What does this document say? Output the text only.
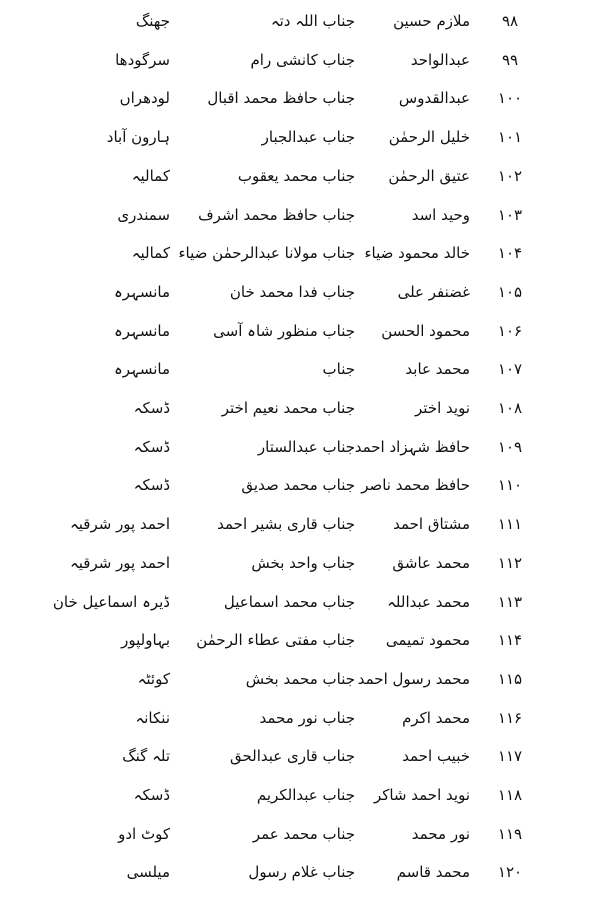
۹۸
ملازم حسین
جناب اللہ دتہ
جھنگ
۹۹
عبدالواحد
جناب کانشی رام
سرگودھا
۱۰۰
عبدالقدوس
جناب حافظ محمد اقبال
لودھراں
۱۰۱
خلیل الرحمٰن
جناب عبدالجبار
ہارون آباد
۱۰۲
عتیق الرحمٰن
جناب محمد یعقوب
کمالیہ
۱۰۳
وحید اسد
جناب حافظ محمد اشرف
سمندری
۱۰۴
خالد محمود ضیاء
جناب مولانا عبدالرحمٰن ضیاء
کمالیہ
۱۰۵
غضنفر علی
جناب فدا محمد خان
مانسہرہ
۱۰۶
محمود الحسن
جناب منظور شاہ آسی
مانسہرہ
۱۰۷
محمد عابد
جناب
مانسہرہ
۱۰۸
نوید اختر
جناب محمد نعیم اختر
ڈسکہ
۱۰۹
حافظ شہزاد احمد
جناب عبدالستار
ڈسکہ
۱۱۰
حافظ محمد ناصر
جناب محمد صدیق
ڈسکہ
۱۱۱
مشتاق احمد
جناب قاری بشیر احمد
احمد پور شرقیہ
۱۱۲
محمد عاشق
جناب واحد بخش
احمد پور شرقیہ
۱۱۳
محمد عبداللہ
جناب محمد اسماعیل
ڈیرہ اسماعیل خان
۱۱۴
محمود تمیمی
جناب مفتی عطاء الرحمٰن
بہاولپور
۱۱۵
محمد رسول احمد
جناب محمد بخش
کوئٹہ
۱۱۶
محمد اکرم
جناب نور محمد
ننکانہ
۱۱۷
خبیب احمد
جناب قاری عبدالحق
تلہ گنگ
۱۱۸
نوید احمد شاکر
جناب عبدالکریم
ڈسکہ
۱۱۹
نور محمد
جناب محمد عمر
کوٹ ادو
۱۲۰
محمد قاسم
جناب غلام رسول
میلسی
